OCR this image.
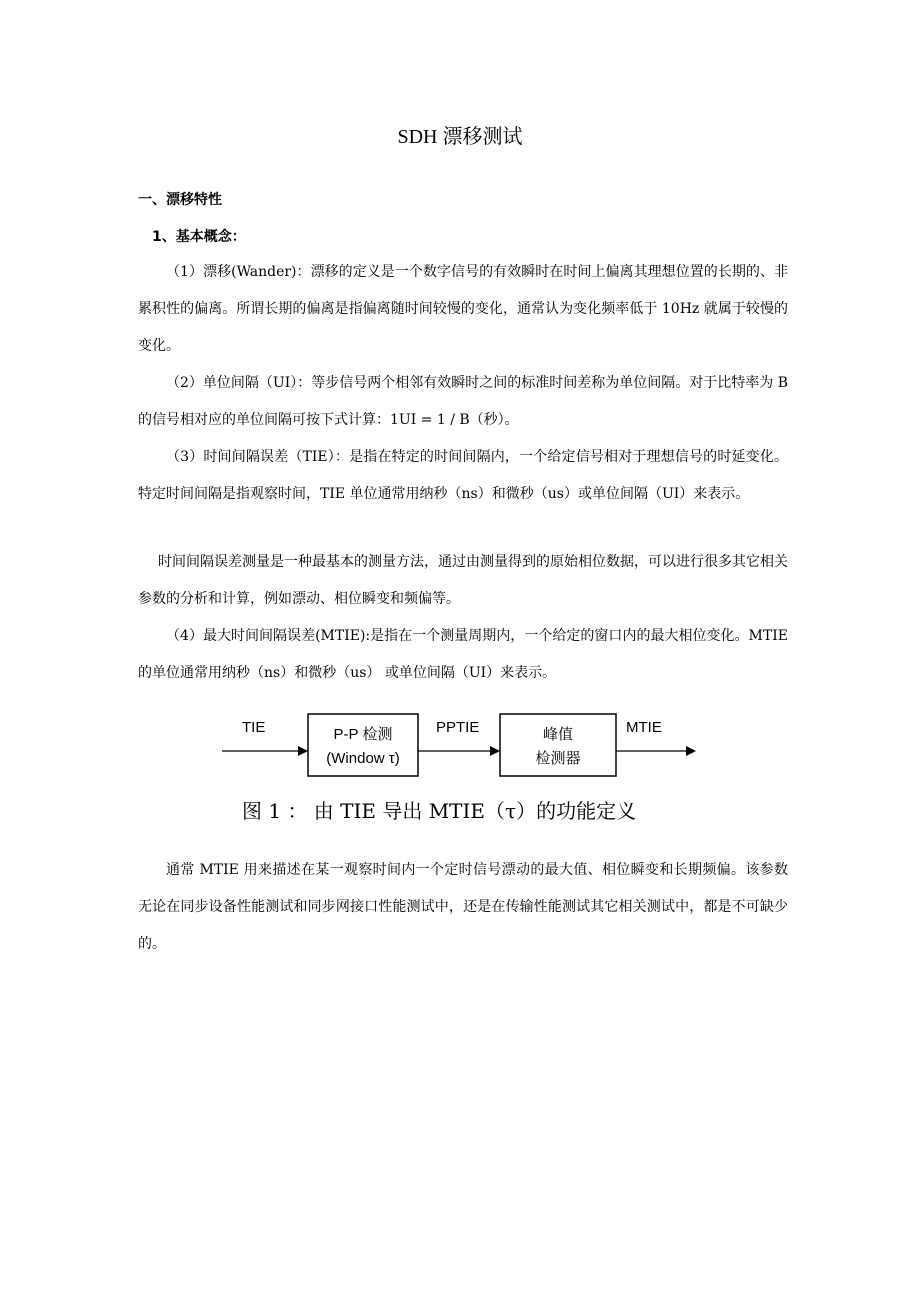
SDH 漂移测试
一、漂移特性
1、基本概念：
（1）漂移(Wander)：漂移的定义是一个数字信号的有效瞬时在时间上偏离其理想位置的长期的、非累积性的偏离。所谓长期的偏离是指偏离随时间较慢的变化，通常认为变化频率低于 10Hz 就属于较慢的变化。
（2）单位间隔（UI）：等步信号两个相邻有效瞬时之间的标准时间差称为单位间隔。对于比特率为 B 的信号相对应的单位间隔可按下式计算：1UI = 1 / B（秒）。
（3）时间间隔误差（TIE）：是指在特定的时间间隔内，一个给定信号相对于理想信号的时延变化。特定时间间隔是指观察时间，TIE 单位通常用纳秒（ns）和微秒（us）或单位间隔（UI）来表示。
时间间隔误差测量是一种最基本的测量方法，通过由测量得到的原始相位数据，可以进行很多其它相关参数的分析和计算，例如漂动、相位瞬变和频偏等。
（4）最大时间间隔误差(MTIE):是指在一个测量周期内，一个给定的窗口内的最大相位变化。MTIE 的单位通常用纳秒（ns）和微秒（us） 或单位间隔（UI）来表示。
TIE	P-P 检测
(Window τ)
PPTIE	峰值
检测器
MTIE
图 1 ： 由 TIE 导出 MTIE（τ）的功能定义
通常 MTIE 用来描述在某一观察时间内一个定时信号漂动的最大值、相位瞬变和长期频偏。该参数无论在同步设备性能测试和同步网接口性能测试中，还是在传输性能测试其它相关测试中，都是不可缺少的。
